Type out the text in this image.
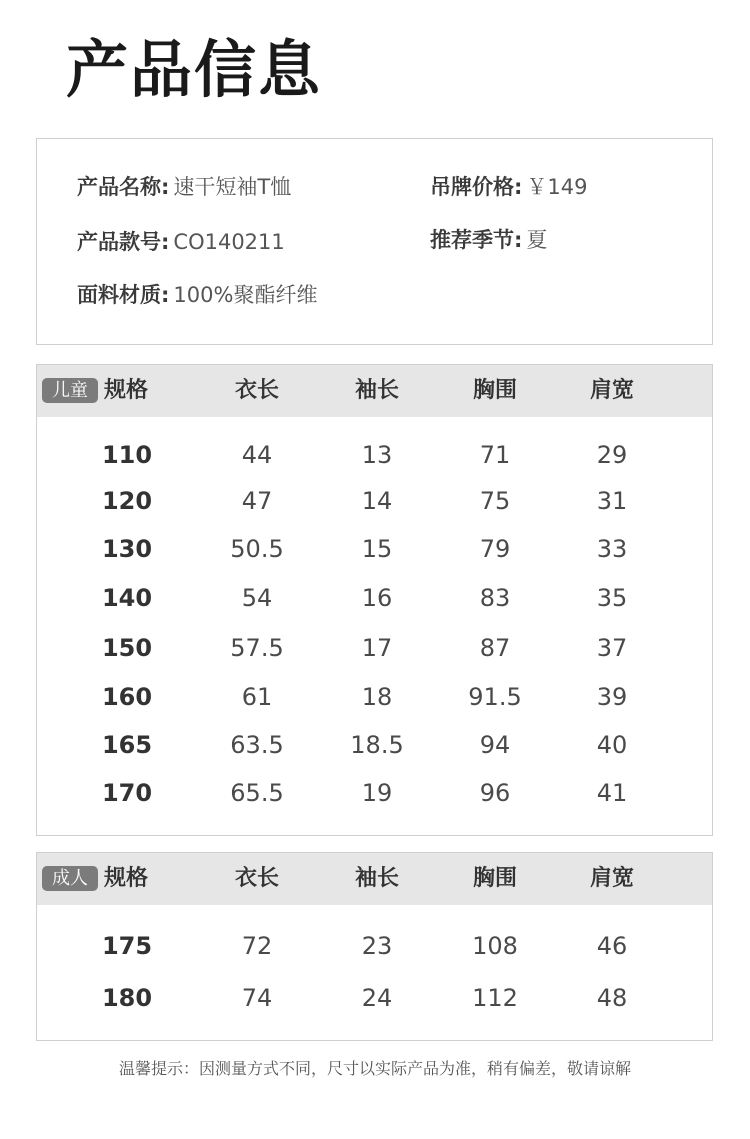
产品信息
产品名称: 速干短袖T恤	吊牌价格: ￥149
产品款号: CO140211	推荐季节: 夏
面料材质: 100%聚酯纤维
儿童 规格	衣长	袖长	胸围	肩宽
110	44	13	71	29
120	47	14	75	31
130	50.5	15	79	33
140	54	16	83	35
150	57.5	17	87	37
160	61	18	91.5	39
165	63.5	18.5	94	40
170	65.5	19	96	41
成人 规格	衣长	袖长	胸围	肩宽
175	72	23	108	46
180	74	24	112	48
温馨提示：因测量方式不同，尺寸以实际产品为准，稍有偏差，敬请谅解
